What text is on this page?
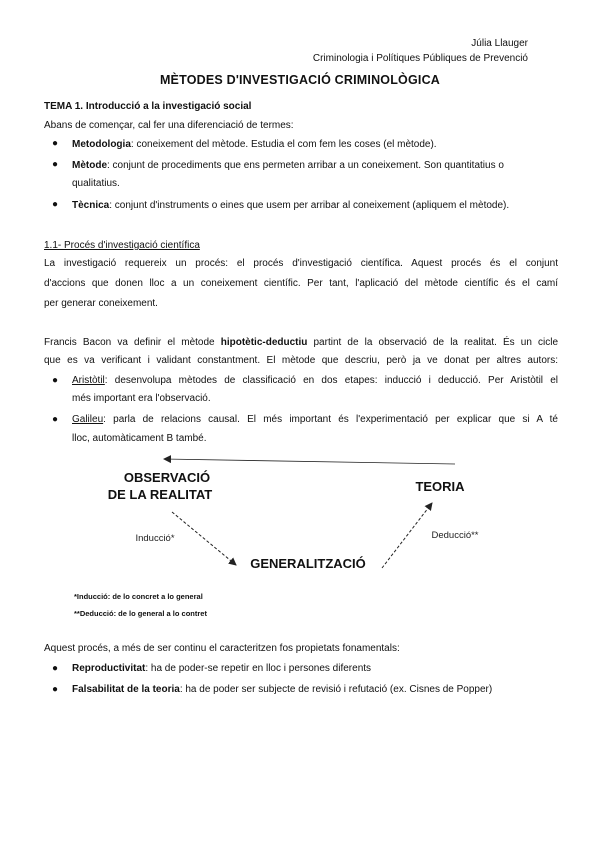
Júlia Llauger
Criminologia i Polítiques Públiques de Prevenció
MÈTODES D'INVESTIGACIÓ CRIMINOLÒGICA
TEMA 1. Introducció a la investigació social
Abans de començar, cal fer una diferenciació de termes:
● Metodologia: coneixement del mètode. Estudia el com fem les coses (el mètode).
● Mètode: conjunt de procediments que ens permeten arribar a un coneixement. Son quantitatius o
qualitatius.
● Tècnica: conjunt d'instruments o eines que usem per arribar al coneixement (apliquem el mètode).
1.1- Procés d'investigació científica
La investigació requereix un procés: el procés d'investigació científica. Aquest procés és el conjunt
d'accions que donen lloc a un coneixement científic. Per tant, l'aplicació del mètode científic és el camí
per generar coneixement.
Francis Bacon va definir el mètode hipotètic-deductiu partint de la observació de la realitat. És un cicle
que es va verificant i validant constantment. El mètode que descriu, però ja ve donat per altres autors:
● Aristòtil: desenvolupa mètodes de classificació en dos etapes: inducció i deducció. Per Aristòtil el
més important era l'observació.
● Galileu: parla de relacions causal. El més important és l'experimentació per explicar que si A té
lloc, automàticament B també.
OBSERVACIÓ
DE LA REALITAT
TEORIA
GENERALITZACIÓ
Inducció*	Deducció**
*Inducció: de lo concret a lo general
**Deducció: de lo general a lo contret
Aquest procés, a més de ser continu el caracteritzen fos propietats fonamentals:
● Reproductivitat: ha de poder-se repetir en lloc i persones diferents
● Falsabilitat de la teoria: ha de poder ser subjecte de revisió i refutació (ex. Cisnes de Popper)
